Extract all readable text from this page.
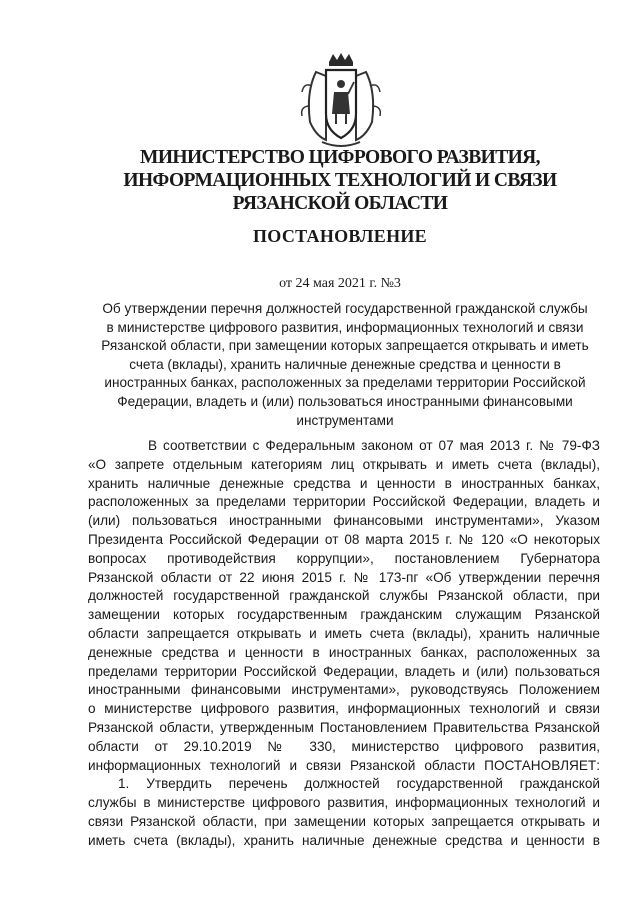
МИНИСТЕРСТВО ЦИФРОВОГО РАЗВИТИЯ,
ИНФОРМАЦИОННЫХ ТЕХНОЛОГИЙ И СВЯЗИ
РЯЗАНСКОЙ ОБЛАСТИ
ПОСТАНОВЛЕНИЕ

от 24 мая 2021 г. №3

Об утверждении перечня должностей государственной гражданской службы
в министерстве цифрового развития, информационных технологий и связи
Рязанской области, при замещении которых запрещается открывать и иметь
счета (вклады), хранить наличные денежные средства и ценности в
иностранных банках, расположенных за пределами территории Российской
Федерации, владеть и (или) пользоваться иностранными финансовыми
инструментами

В соответствии с Федеральным законом от 07 мая 2013 г. № 79-ФЗ
«О запрете отдельным категориям лиц открывать и иметь счета (вклады),
хранить наличные денежные средства и ценности в иностранных банках,
расположенных за пределами территории Российской Федерации, владеть и
(или) пользоваться иностранными финансовыми инструментами», Указом
Президента Российской Федерации от 08 марта 2015 г. № 120 «О некоторых
вопросах противодействия коррупции», постановлением Губернатора
Рязанской области от 22 июня 2015 г. № 173-пг «Об утверждении перечня
должностей государственной гражданской службы Рязанской области, при
замещении которых государственным гражданским служащим Рязанской
области запрещается открывать и иметь счета (вклады), хранить наличные
денежные средства и ценности в иностранных банках, расположенных за
пределами территории Российской Федерации, владеть и (или) пользоваться
иностранными финансовыми инструментами», руководствуясь Положением
о министерстве цифрового развития, информационных технологий и связи
Рязанской области, утвержденным Постановлением Правительства Рязанской
области от 29.10.2019 № 330, министерство цифрового развития,
информационных технологий и связи Рязанской области ПОСТАНОВЛЯЕТ:
1. Утвердить перечень должностей государственной гражданской
службы в министерстве цифрового развития, информационных технологий и
связи Рязанской области, при замещении которых запрещается открывать и
иметь счета (вклады), хранить наличные денежные средства и ценности в
